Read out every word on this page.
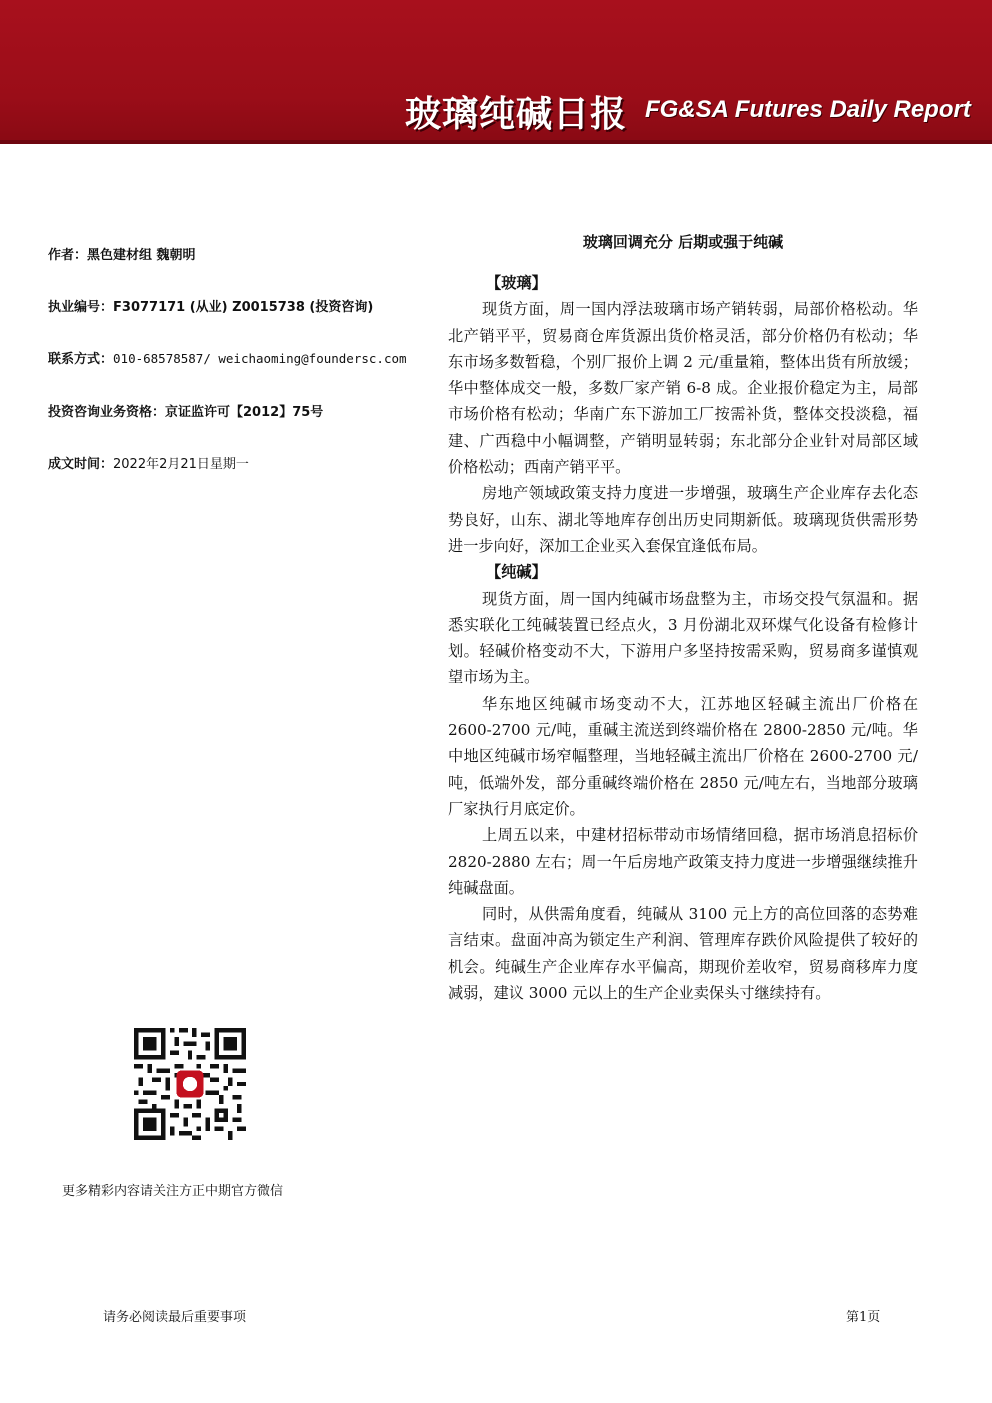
玻璃纯碱日报 FG&SA Futures Daily Report
作者：黑色建材组 魏朝明
执业编号：F3077171 (从业) Z0015738 (投资咨询)
联系方式：010-68578587/ weichaoming@foundersc.com
投资咨询业务资格：京证监许可【2012】75号
成文时间：2022年2月21日星期一
玻璃回调充分 后期或强于纯碱
【玻璃】

现货方面，周一国内浮法玻璃市场产销转弱，局部价格松动。华北产销平平，贸易商仓库货源出货价格灵活，部分价格仍有松动；华东市场多数暂稳，个别厂报价上调 2 元/重量箱，整体出货有所放缓；华中整体成交一般，多数厂家产销 6-8 成。企业报价稳定为主，局部市场价格有松动；华南广东下游加工厂按需补货，整体交投淡稳，福建、广西稳中小幅调整，产销明显转弱；东北部分企业针对局部区域价格松动；西南产销平平。

房地产领域政策支持力度进一步增强，玻璃生产企业库存去化态势良好，山东、湖北等地库存创出历史同期新低。玻璃现货供需形势进一步向好，深加工企业买入套保宜逢低布局。

【纯碱】

现货方面，周一国内纯碱市场盘整为主，市场交投气氛温和。据悉实联化工纯碱装置已经点火，3 月份湖北双环煤气化设备有检修计划。轻碱价格变动不大，下游用户多坚持按需采购，贸易商多谨慎观望市场为主。

华东地区纯碱市场变动不大，江苏地区轻碱主流出厂价格在 2600-2700 元/吨，重碱主流送到终端价格在 2800-2850 元/吨。华中地区纯碱市场窄幅整理，当地轻碱主流出厂价格在 2600-2700 元/吨，低端外发，部分重碱终端价格在 2850 元/吨左右，当地部分玻璃厂家执行月底定价。

上周五以来，中建材招标带动市场情绪回稳，据市场消息招标价 2820-2880 左右；周一午后房地产政策支持力度进一步增强继续推升纯碱盘面。

同时，从供需角度看，纯碱从 3100 元上方的高位回落的态势难言结束。盘面冲高为锁定生产利润、管理库存跌价风险提供了较好的机会。纯碱生产企业库存水平偏高，期现价差收窄，贸易商移库力度减弱，建议 3000 元以上的生产企业卖保头寸继续持有。

更多精彩内容请关注方正中期官方微信
请务必阅读最后重要事项	第1页
